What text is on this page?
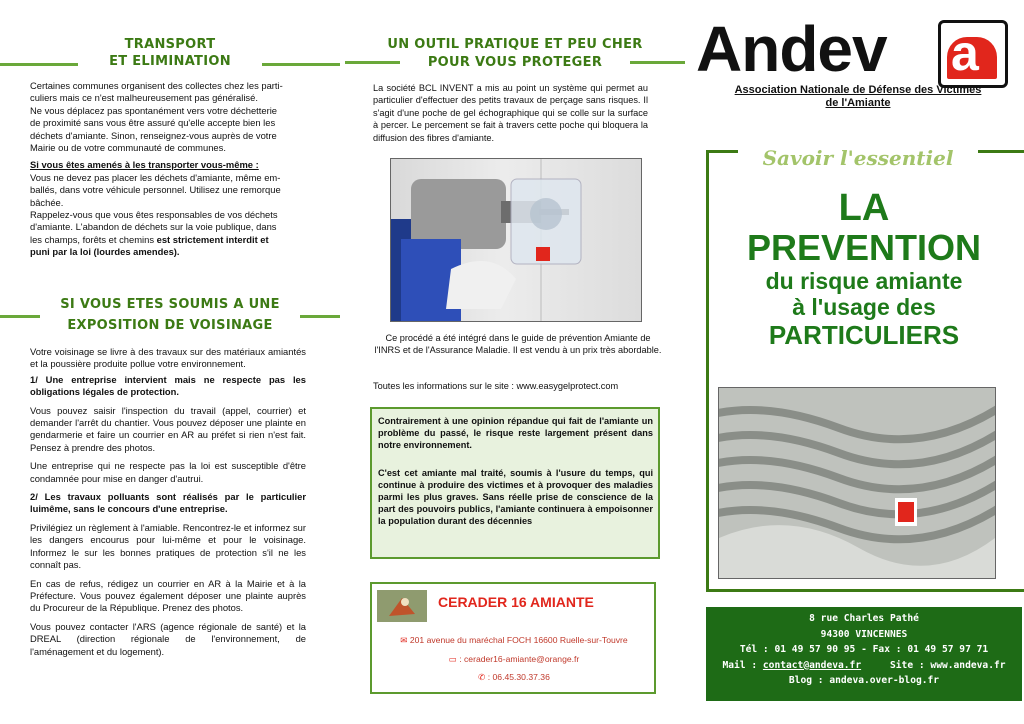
TRANSPORT
ET ELIMINATION

Certaines communes organisent des collectes chez les parti-

culiers mais ce n'est malheureusement pas généralisé.

Ne vous déplacez pas spontanément vers votre déchetterie

de proximité sans vous être assuré qu'elle accepte bien les

déchets d'amiante. Sinon, renseignez-vous auprès de votre

Mairie ou de votre communauté de communes.

Si vous êtes amenés à les transporter vous-même :

Vous ne devez pas placer les déchets d'amiante, même em-

ballés, dans votre véhicule personnel. Utilisez une remorque

bâchée.

Rappelez-vous que vous êtes responsables de vos déchets

d'amiante. L'abandon de déchets sur la voie publique, dans

les champs, forêts et chemins est strictement interdit et

puni par la loi (lourdes amendes).

SI VOUS ETES SOUMIS A UNE
EXPOSITION DE VOISINAGE

Votre voisinage se livre à des travaux sur des matériaux amiantés et la poussière produite pollue votre environnement.

1/ Une entreprise intervient mais ne respecte pas les obligations légales de protection.

Vous pouvez saisir l'inspection du travail (appel, courrier) et demander l'arrêt du chantier. Vous pouvez déposer une plainte en gendarmerie et faire un courrier en AR au préfet si rien n'est fait. Pensez à prendre des photos.

Une entreprise qui ne respecte pas la loi est susceptible d'être condamnée pour mise en danger d'autrui.

2/ Les travaux polluants sont réalisés par le particulier luimême, sans le concours d'une entreprise.

Privilégiez un règlement à l'amiable. Rencontrez-le et informez sur les dangers encourus pour lui-même et pour le voisinage. Informez le sur les bonnes pratiques de protection s'il ne les connaît pas.

En cas de refus, rédigez un courrier en AR à la Mairie et à la Préfecture. Vous pouvez également déposer une plainte auprès du Procureur de la République. Prenez des photos.

Vous pouvez contacter l'ARS (agence régionale de santé) et la DREAL (direction régionale de l'environnement, de l'aménagement et du logement).

UN OUTIL PRATIQUE ET PEU CHER
POUR VOUS PROTEGER

La société BCL INVENT a mis au point un système qui permet au particulier d'effectuer des petits travaux de perçage sans risques. Il s'agit d'une poche de gel échographique qui se colle sur la surface à percer. Le percement se fait à travers cette poche qui bloquera la diffusion des fibres d'amiante.

Ce procédé a été intégré dans le guide de prévention Amiante de l'INRS et de l'Assurance Maladie. Il est vendu à un prix très abordable.

Toutes les informations sur le site : www.easygelprotect.com

Contrairement à une opinion répandue qui fait de l'amiante un problème du passé, le risque reste largement présent dans notre environnement.

C'est cet amiante mal traité, soumis à l'usure du temps, qui continue à produire des victimes et à provoquer des maladies parmi les plus graves. Sans réelle prise de conscience de la part des pouvoirs publics, l'amiante continuera à empoisonner la population durant des décennies

CERADER 16 AMIANTE
✉ 201 avenue du maréchal FOCH 16600 Ruelle-sur-Touvre
▭ : cerader16-amiante@orange.fr
✆ : 06.45.30.37.36
Andev a
Association Nationale de Défense des Victimes
de l'Amiante
Savoir l'essentiel
LA
PREVENTION
du risque amiante
à l'usage des
PARTICULIERS
8 rue Charles Pathé
94300 VINCENNES
Tél : 01 49 57 90 95 - Fax : 01 49 57 97 71
Mail : contact@andeva.fr	Site : www.andeva.fr
Blog : andeva.over-blog.fr
